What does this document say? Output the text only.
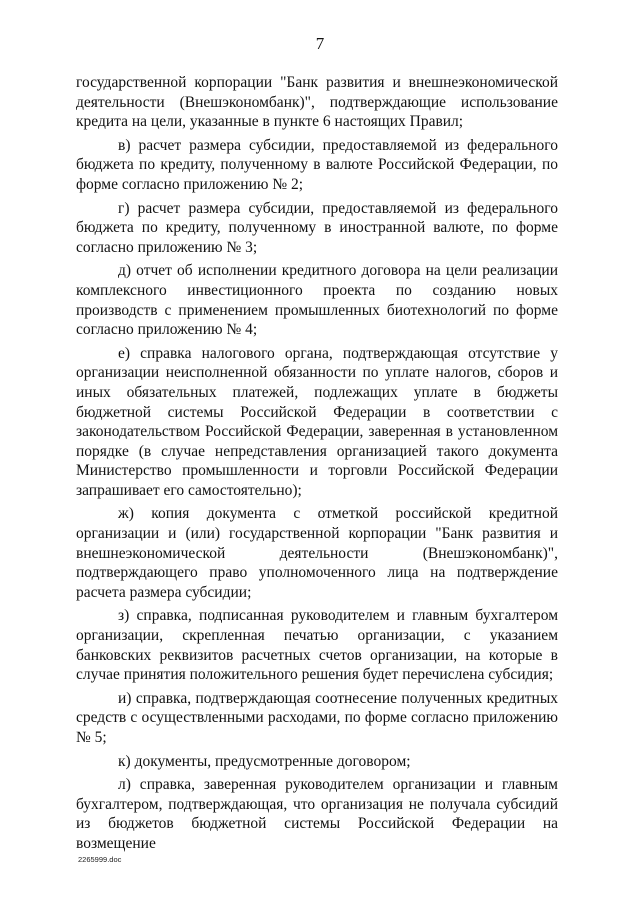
7

государственной корпорации "Банк развития и внешнеэкономической деятельности (Внешэкономбанк)", подтверждающие использование кредита на цели, указанные в пункте 6 настоящих Правил;

в) расчет размера субсидии, предоставляемой из федерального бюджета по кредиту, полученному в валюте Российской Федерации, по форме согласно приложению № 2;

г) расчет размера субсидии, предоставляемой из федерального бюджета по кредиту, полученному в иностранной валюте, по форме согласно приложению № 3;

д) отчет об исполнении кредитного договора на цели реализации комплексного инвестиционного проекта по созданию новых производств с применением промышленных биотехнологий по форме согласно приложению № 4;

е) справка налогового органа, подтверждающая отсутствие у организации неисполненной обязанности по уплате налогов, сборов и иных обязательных платежей, подлежащих уплате в бюджеты бюджетной системы Российской Федерации в соответствии с законодательством Российской Федерации, заверенная в установленном порядке (в случае непредставления организацией такого документа Министерство промышленности и торговли Российской Федерации запрашивает его самостоятельно);

ж) копия документа с отметкой российской кредитной организации и (или) государственной корпорации "Банк развития и внешнеэкономической деятельности (Внешэкономбанк)", подтверждающего право уполномоченного лица на подтверждение расчета размера субсидии;

з) справка, подписанная руководителем и главным бухгалтером организации, скрепленная печатью организации, с указанием банковских реквизитов расчетных счетов организации, на которые в случае принятия положительного решения будет перечислена субсидия;

и) справка, подтверждающая соотнесение полученных кредитных средств с осуществленными расходами, по форме согласно приложению № 5;

к) документы, предусмотренные договором;

л) справка, заверенная руководителем организации и главным бухгалтером, подтверждающая, что организация не получала субсидий из бюджетов бюджетной системы Российской Федерации на возмещение

2265999.doc
